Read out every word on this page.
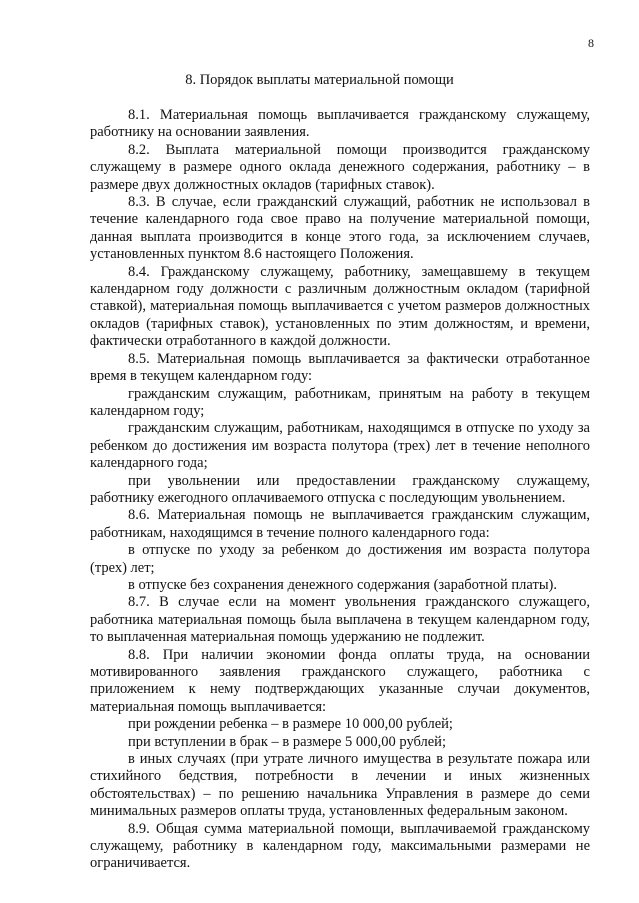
8
8. Порядок выплаты материальной помощи

8.1. Материальная помощь выплачивается гражданскому служащему, работнику на основании заявления.

8.2. Выплата материальной помощи производится гражданскому служащему в размере одного оклада денежного содержания, работнику – в размере двух должностных окладов (тарифных ставок).

8.3. В случае, если гражданский служащий, работник не использовал в течение календарного года свое право на получение материальной помощи, данная выплата производится в конце этого года, за исключением случаев, установленных пунктом 8.6 настоящего Положения.

8.4. Гражданскому служащему, работнику, замещавшему в текущем календарном году должности с различным должностным окладом (тарифной ставкой), материальная помощь выплачивается с учетом размеров должностных окладов (тарифных ставок), установленных по этим должностям, и времени, фактически отработанного в каждой должности.

8.5. Материальная помощь выплачивается за фактически отработанное время в текущем календарном году:

гражданским служащим, работникам, принятым на работу в текущем календарном году;

гражданским служащим, работникам, находящимся в отпуске по уходу за ребенком до достижения им возраста полутора (трех) лет в течение неполного календарного года;

при увольнении или предоставлении гражданскому служащему, работнику ежегодного оплачиваемого отпуска с последующим увольнением.

8.6. Материальная помощь не выплачивается гражданским служащим, работникам, находящимся в течение полного календарного года:

в отпуске по уходу за ребенком до достижения им возраста полутора (трех) лет;

в отпуске без сохранения денежного содержания (заработной платы).

8.7. В случае если на момент увольнения гражданского служащего, работника материальная помощь была выплачена в текущем календарном году, то выплаченная материальная помощь удержанию не подлежит.

8.8. При наличии экономии фонда оплаты труда, на основании мотивированного заявления гражданского служащего, работника с приложением к нему подтверждающих указанные случаи документов, материальная помощь выплачивается:

при рождении ребенка – в размере 10 000,00 рублей;

при вступлении в брак – в размере 5 000,00 рублей;

в иных случаях (при утрате личного имущества в результате пожара или стихийного бедствия, потребности в лечении и иных жизненных обстоятельствах) – по решению начальника Управления в размере до семи минимальных размеров оплаты труда, установленных федеральным законом.

8.9. Общая сумма материальной помощи, выплачиваемой гражданскому служащему, работнику в календарном году, максимальными размерами не ограничивается.
